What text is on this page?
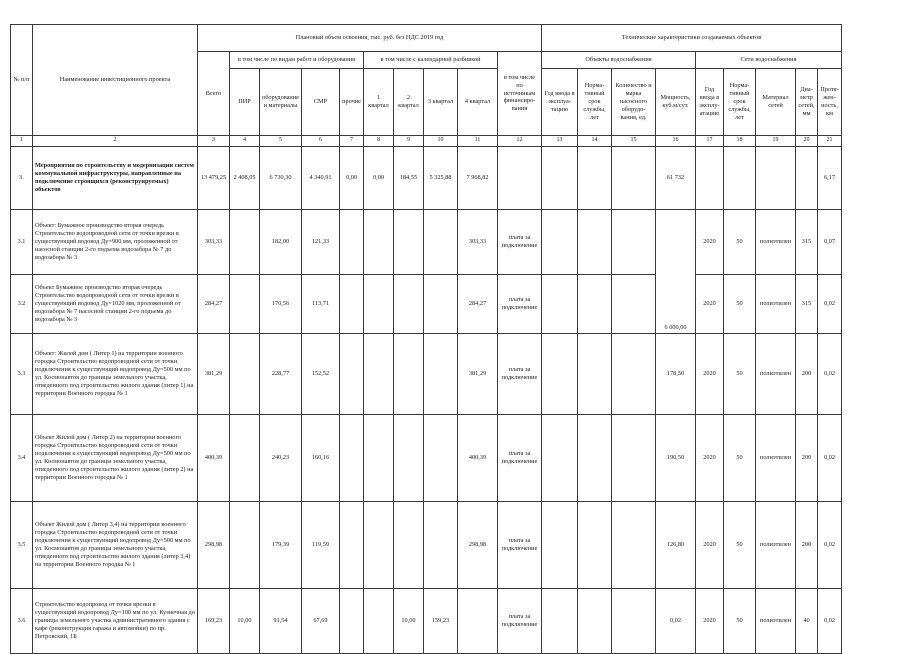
№ п/п	Наименование инвестиционного проекта	Плановый объем освоения, тыс. руб. без НДС 2019 год										Технические характеристики создаваемых объектов								
		Всего	в том числе по видам работ и оборудования				в том числе с календарной разбивкой				в том числе по источникам финансиро-вания	Объекты водоснабжения				Сети водоснабжения				
			ПИР	оборудование и материалы	СМР	прочие	1 квартал	2 квартал	3 квартал	4 квартал		Год ввода в эксплуа-тацию	Норма-тивный срок службы, лет	Количество и марка насосного оборудо-вания, ед.	Мощность, куб.м/сут.	Год ввода в эксплу-атацию	Норма-тивный срок службы, лет	Материал сетей	Диа-метр сетей, мм	Протя-жен-ность, км
1	2	3	4	5	6	7	8	9	10	11	12	13	14	15	16	17	18	19	20	21
3.	Мероприятия по строительству и модернизации систем коммунальной инфраструктуры, направленные на подключение строящихся (реконструируемых) объектов	13 479,25	2 408,05	6 730,30	4 340,91	0,00	0,00	184,55	5 325,88	7 968,82					61 732					6,17
3.1	Объект: Бумажное производство вторая очередь Строительство водопроводной сети от точки врезки в существующий водовод Ду=900 мм, проложенной от насосной станции 2-го подъема водозабора № 7 до водозабора № 3	303,33		182,00	121,33					303,33	плата за подключение				6 000,00	2020	50	полиэтилен	315	0,07
3.2	Объект Бумажное производство вторая очередь Строительство водопроводной сети от точки врезки в существующий водовод Ду=1020 мм, проложенной от водозабора № 7 насосной станции 2-го подъема до водозабора № 3	284,27		170,56	113,71					284,27	плата за подключение					2020	50	полиэтилен	315	0,02
3.3	Объект: Жилой дом ( Литер 1) на территории военного городка Строительство водопроводной сети от точки подключения к существующий водопровод Ду=500 мм по ул. Космонавтов до границы земельного участка, отведенного под строительство жилого здания (литер 1) на территории Военного городка № 1	381,29		228,77	152,52					381,29	плата за подключение				178,50	2020	50	полиэтилен	200	0,02
3.4	Объект Жилой дом ( Литер 2) на территории военного городка Строительство водопроводной сети от точки подключения к существующий водопровод Ду=500 мм по ул. Космонавтов до границы земельного участка, отведенного под строительство жилого здания (литер 2) на территории Военного городка № 1	400,39		240,23	160,16					400,39	плата за подключение				190,50	2020	50	полиэтилен	200	0,02
3.5	Объект Жилой дом ( Литер 3,4) на территории военного городка Строительство водопроводной сети от точки подключения к существующий водопровод Ду=500 мм по ул. Космонавтов до границы земельного участка, отведенного под строительство жилого здания (литер 3,4) на территории Военного городка № 1	298,98		179,39	119,59					298,98	плата за подключение				126,80	2020	50	полиэтилен	200	0,02
3.6	Строительство водопровод от точки врезки в существующий водопровод Ду=100 мм по ул. Кузнечная до границы земельного участка административного здания с кафе (реконструкция гаража и автомойки) по пр. Петровский, 1Б	169,23	10,00	91,54	67,69			10,00	159,23		плата за подключение				0,02	2020	50	полиэтилен	40	0,02
